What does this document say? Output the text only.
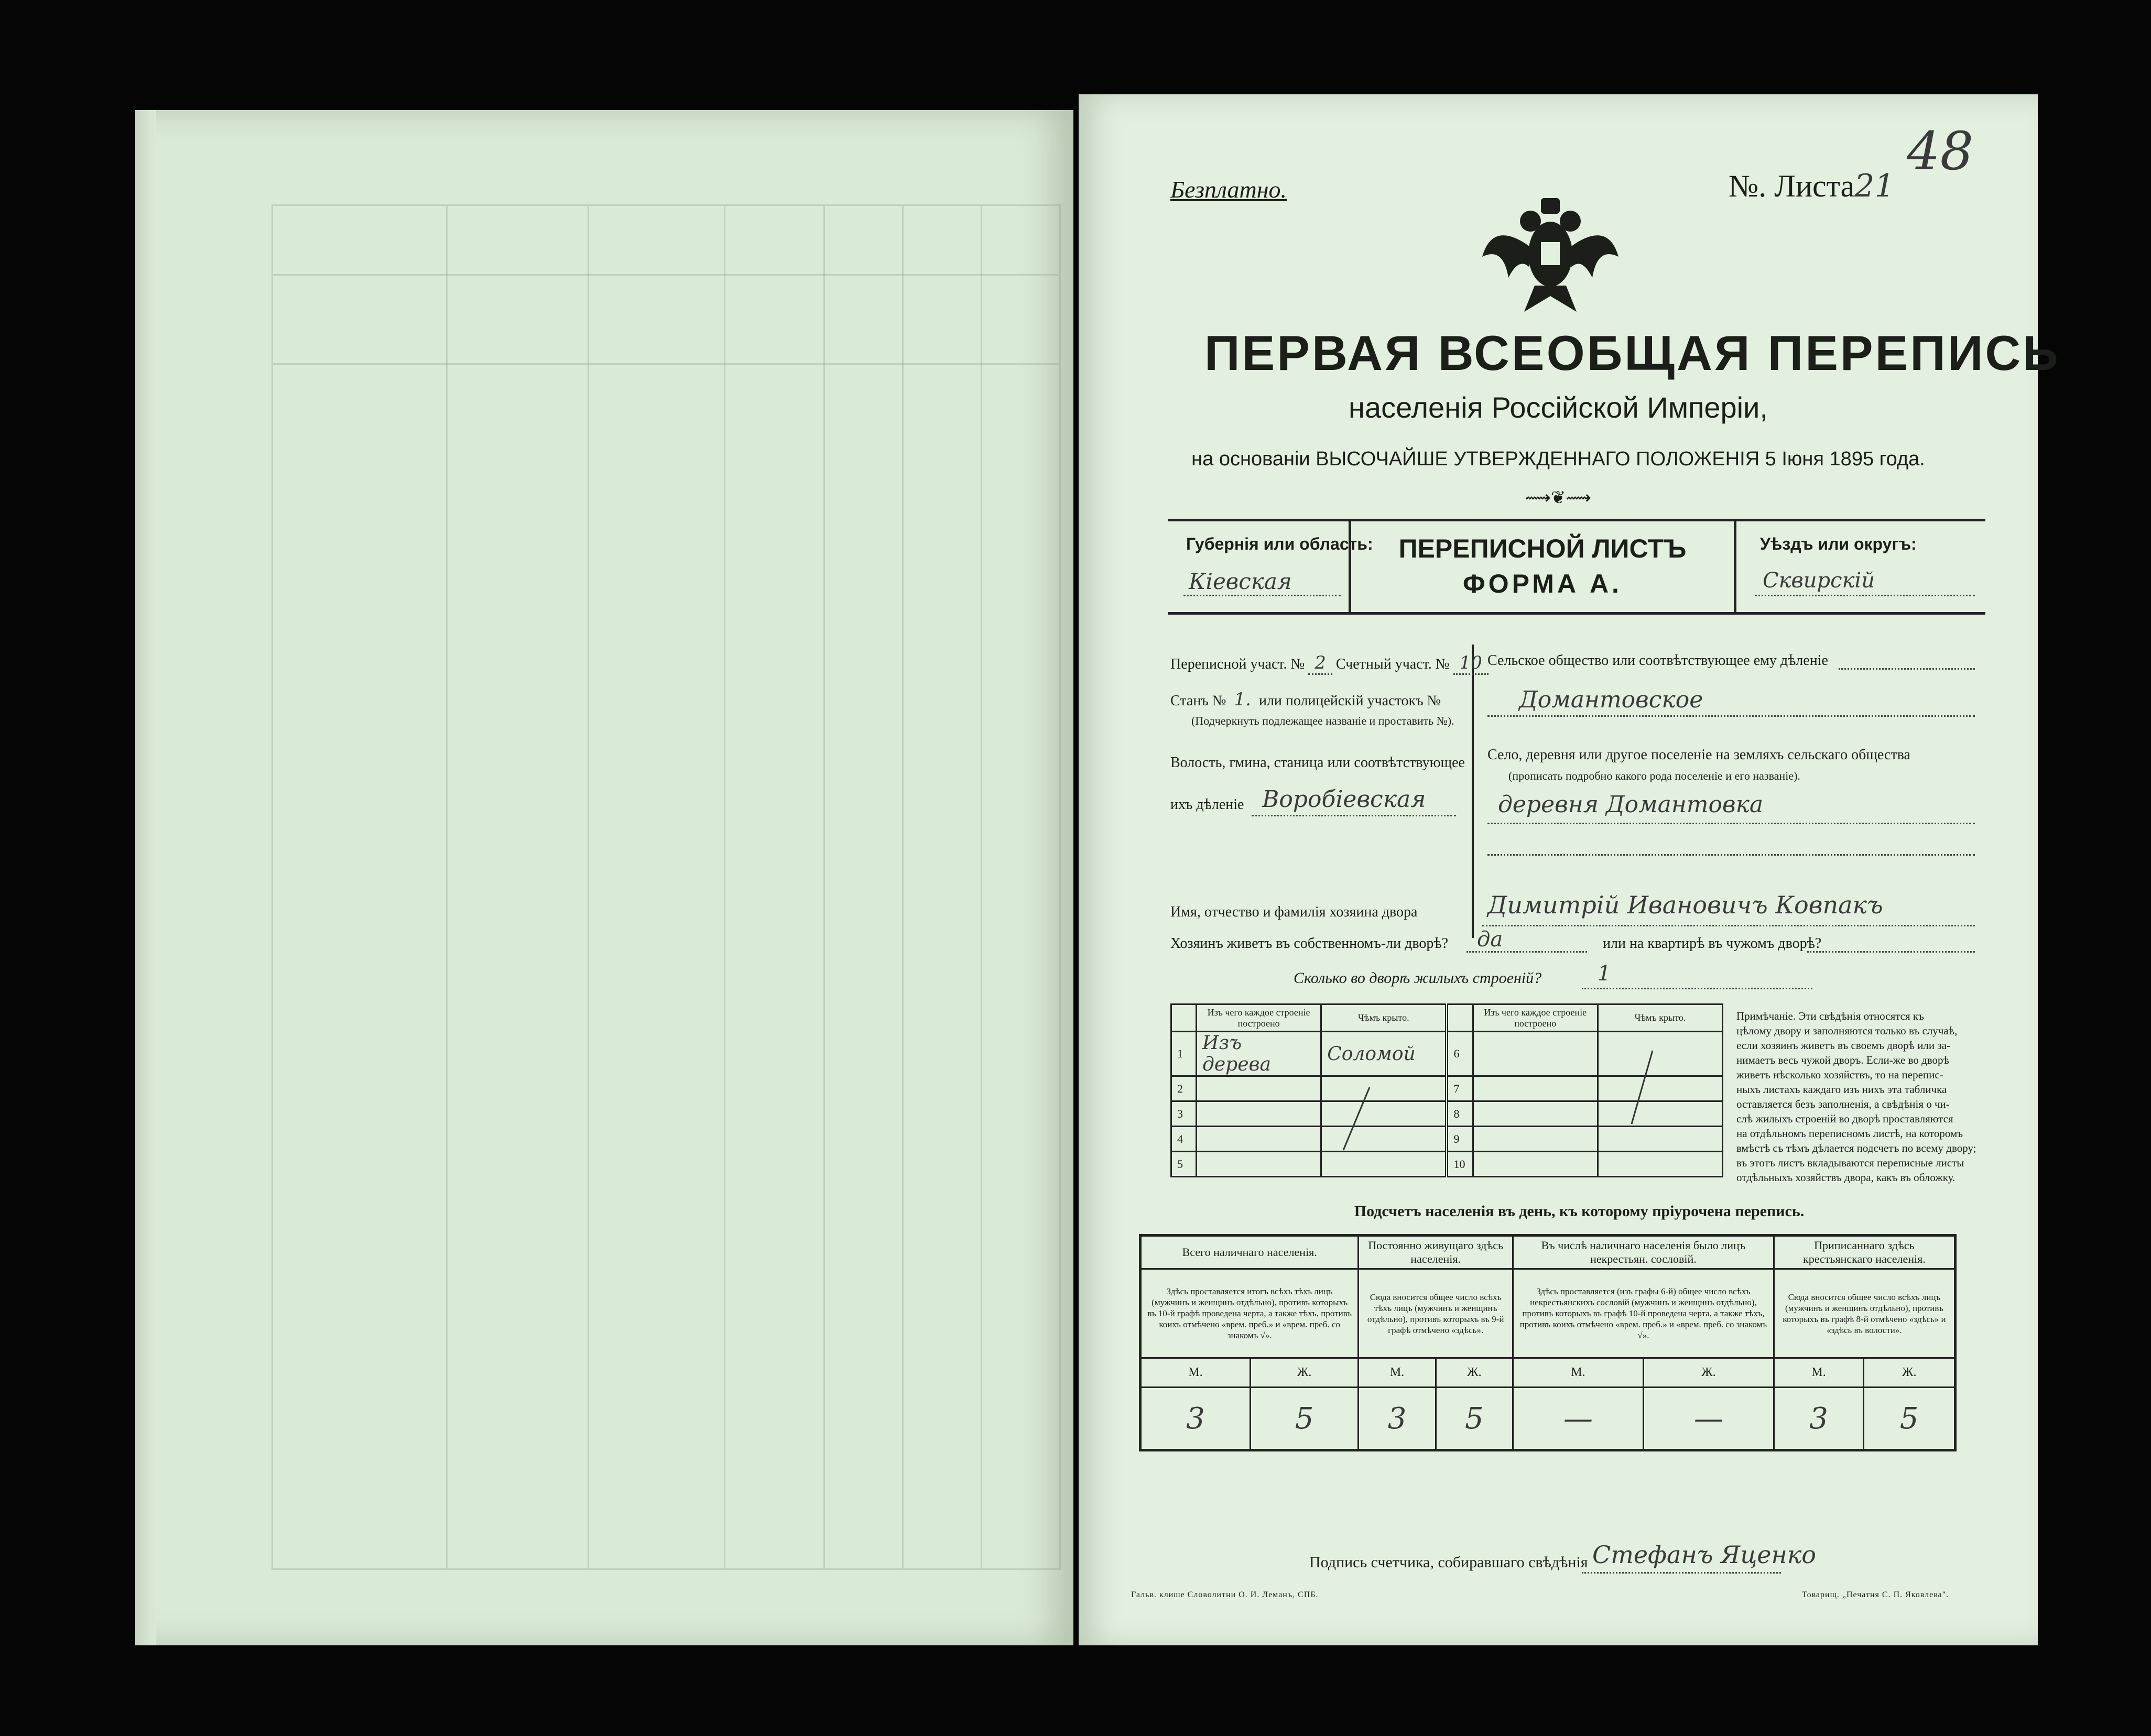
48
Безплатно.	№. Листа21
ПЕРВАЯ ВСЕОБЩАЯ ПЕРЕПИСЬ
населенія Россійской Имперіи,
на основаніи ВЫСОЧАЙШЕ УТВЕРЖДЕННАГО ПОЛОЖЕНІЯ 5 Іюня 1895 года.
⟿❦⟿
Губернія или область:
Кіевская
ПЕРЕПИСНОЙ ЛИСТЪ
ФОРМА А.
Уѣздъ или округъ:
Сквирскій
Переписной участ. № 2 Счетный участ. № 10
Станъ № 1. или полицейскій участокъ №
(Подчеркнуть подлежащее названіе и проставить №).
Волость, гмина, станица или соотвѣтствующее
ихъ дѣленіе Воробіевская
Сельское общество или соотвѣтствующее ему дѣленіе
Домантовское
Село, деревня или другое поселеніе на земляхъ сельскаго общества
(прописать подробно какого рода поселеніе и его названіе).
деревня Домантовка
Имя, отчество и фамилія хозяина двора	Димитрій Ивановичъ Ковпакъ
Хозяинъ живетъ въ собственномъ-ли дворѣ? да	или на квартирѣ въ чужомъ дворѣ?
Сколько во дворѣ жилыхъ строеній?	1
	Изъ чего каждое строеніе построено	Чѣмъ крыто.		Изъ чего каждое строеніе построено	Чѣмъ крыто.
1	Изъ дерева	Соломой	6		
2			7		
3			8		
4			9		
5			10		
Примѣчаніе. Эти свѣдѣнія относятся къ
цѣлому двору и заполняются только въ случаѣ,
если хозяинъ живетъ въ своемъ дворѣ или за-
нимаетъ весь чужой дворъ. Если-же во дворѣ
живетъ нѣсколько хозяйствъ, то на перепис-
ныхъ листахъ каждаго изъ нихъ эта табличка
оставляется безъ заполненія, а свѣдѣнія о чи-
слѣ жилыхъ строеній во дворѣ проставляются
на отдѣльномъ переписномъ листѣ, на которомъ
вмѣстѣ съ тѣмъ дѣлается подсчетъ по всему двору;
въ этотъ листъ вкладываются переписные листы
отдѣльныхъ хозяйствъ двора, какъ въ обложку.
Подсчетъ населенія въ день, къ которому пріурочена перепись.
Всего наличнаго населенія.		Постоянно живущаго здѣсь населенія.		Въ числѣ наличнаго населенія было лицъ некрестьян. сословій.		Приписаннаго здѣсь крестьянскаго населенія.	
Здѣсь проставляется итогъ всѣхъ тѣхъ лицъ (мужчинъ и женщинъ отдѣльно), противъ которыхъ въ 10-й графѣ проведена черта, а также тѣхъ, противъ коихъ отмѣчено «врем. преб.» и «врем. преб. со знакомъ √».		Сюда вносится общее число всѣхъ тѣхъ лицъ (мужчинъ и женщинъ отдѣльно), противъ которыхъ въ 9-й графѣ отмѣчено «здѣсь».		Здѣсь проставляется (изъ графы 6-й) общее число всѣхъ некрестьянскихъ сословій (мужчинъ и женщинъ отдѣльно), противъ которыхъ въ графѣ 10-й проведена черта, а также тѣхъ, противъ коихъ отмѣчено «врем. преб.» и «врем. преб. со знакомъ √».		Сюда вносится общее число всѣхъ лицъ (мужчинъ и женщинъ отдѣльно), противъ которыхъ въ графѣ 8-й отмѣчено «здѣсь» и «здѣсь въ волости».	
М.	Ж.	М.	Ж.	М.	Ж.	М.	Ж.
3	5	3	5	—	—	3	5
Подпись счетчика, собиравшаго свѣдѣнія Стефанъ Яценко
Гальв. клише Словолитни О. И. Леманъ, СПБ.	Товарищ. „Печатня С. П. Яковлева".
